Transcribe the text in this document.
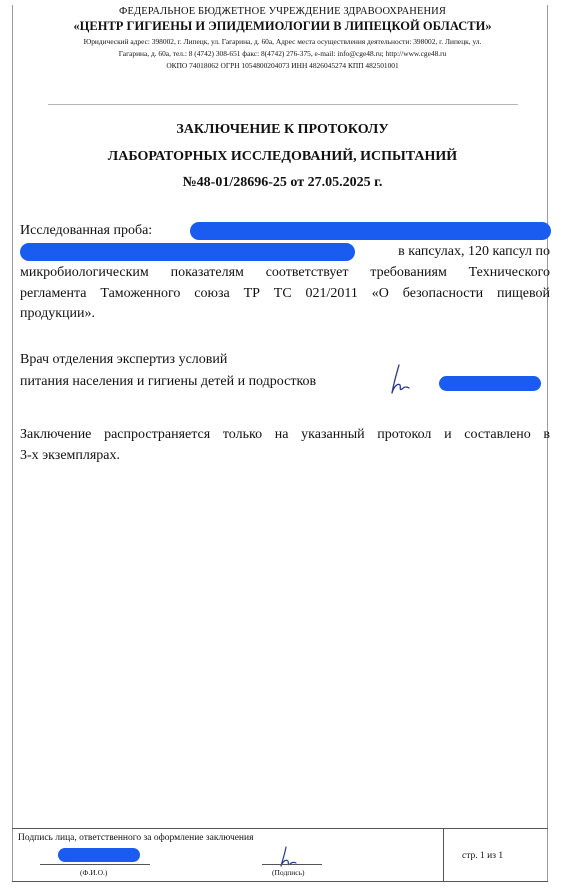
ФЕДЕРАЛЬНОЕ БЮДЖЕТНОЕ УЧРЕЖДЕНИЕ ЗДРАВООХРАНЕНИЯ
«ЦЕНТР ГИГИЕНЫ И ЭПИДЕМИОЛОГИИ В ЛИПЕЦКОЙ ОБЛАСТИ»
Юридический адрес: 398002, г. Липецк, ул. Гагарина, д. 60а, Адрес места осуществления деятельности: 398002, г. Липецк, ул.
Гагарина, д. 60а, тел.: 8 (4742) 308-651 факс: 8(4742) 276-375, e-mail: info@cge48.ru; http://www.cge48.ru
ОКПО 74018062 ОГРН 1054800204073 ИНН 4826045274 КПП 482501001
ЗАКЛЮЧЕНИЕ К ПРОТОКОЛУ
ЛАБОРАТОРНЫХ ИССЛЕДОВАНИЙ, ИСПЫТАНИЙ
№48-01/28696-25 от 27.05.2025 г.
Исследованная проба:
в капсулах, 120 капсул по
микробиологическим показателям соответствует требованиям Технического
регламента Таможенного союза ТР ТС 021/2011 «О безопасности пищевой
продукции».
Врач отделения экспертиз условий
питания населения и гигиены детей и подростков
Заключение распространяется только на указанный протокол и составлено в
3-х экземплярах.
Подпись лица, ответственного за оформление заключения
(Ф.И.О.)	(Подпись)
стр. 1 из 1
